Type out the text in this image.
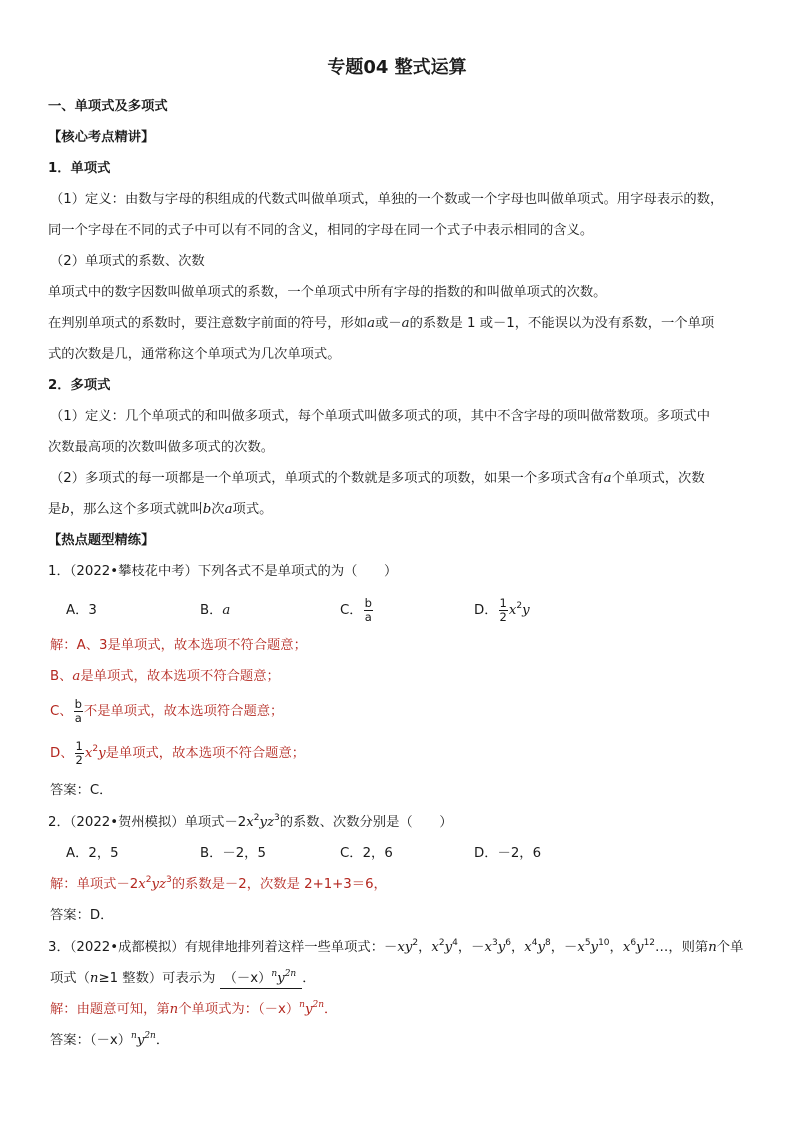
专题04 整式运算
一、单项式及多项式
【核心考点精讲】
1．单项式
（1）定义：由数与字母的积组成的代数式叫做单项式，单独的一个数或一个字母也叫做单项式。用字母表示的数，
同一个字母在不同的式子中可以有不同的含义，相同的字母在同一个式子中表示相同的含义。
（2）单项式的系数、次数
单项式中的数字因数叫做单项式的系数，一个单项式中所有字母的指数的和叫做单项式的次数。
在判别单项式的系数时，要注意数字前面的符号，形如a或－a的系数是 1 或－1，不能误以为没有系数，一个单项
式的次数是几，通常称这个单项式为几次单项式。
2．多项式
（1）定义：几个单项式的和叫做多项式，每个单项式叫做多项式的项，其中不含字母的项叫做常数项。多项式中
次数最高项的次数叫做多项式的次数。
（2）多项式的每一项都是一个单项式，单项式的个数就是多项式的项数，如果一个多项式含有a个单项式，次数
是b，那么这个多项式就叫b次a项式。
【热点题型精练】
1．（2022•攀枝花中考）下列各式不是单项式的为（　　）
A．3	B．a	C． $\frac{b}{a}$	D． $\frac{1}{2} x^2y$
解：A、3是单项式，故本选项不符合题意；
B、a是单项式，故本选项不符合题意；
C、 $\frac{b}{a}$ 不是单项式，故本选项符合题意；
D、 $\frac{1}{2} x^2y$是单项式，故本选项不符合题意；
答案：C．
2．（2022•贺州模拟）单项式$-2x^2yz^3$的系数、次数分别是（　　）
A．2，5	B．－2，5	C．2，6	D．－2，6
解：单项式$-2x^2yz^3$的系数是－2，次数是 2+1+3＝6，
答案：D．
3．（2022•成都模拟）有规律地排列着这样一些单项式：$-xy^2$，$x^2y^4$，$-x^3y^6$，$x^4y^8$，$-x^5y^{10}$，$x^6y^{12}\dots$，则第n个单
项式（n≥1 整数）可表示为 $(-x)^ny^{2n}$ ．
解：由题意可知，第n个单项式为：$(-x)^ny^{2n}$．
答案：$(-x)^ny^{2n}$．
